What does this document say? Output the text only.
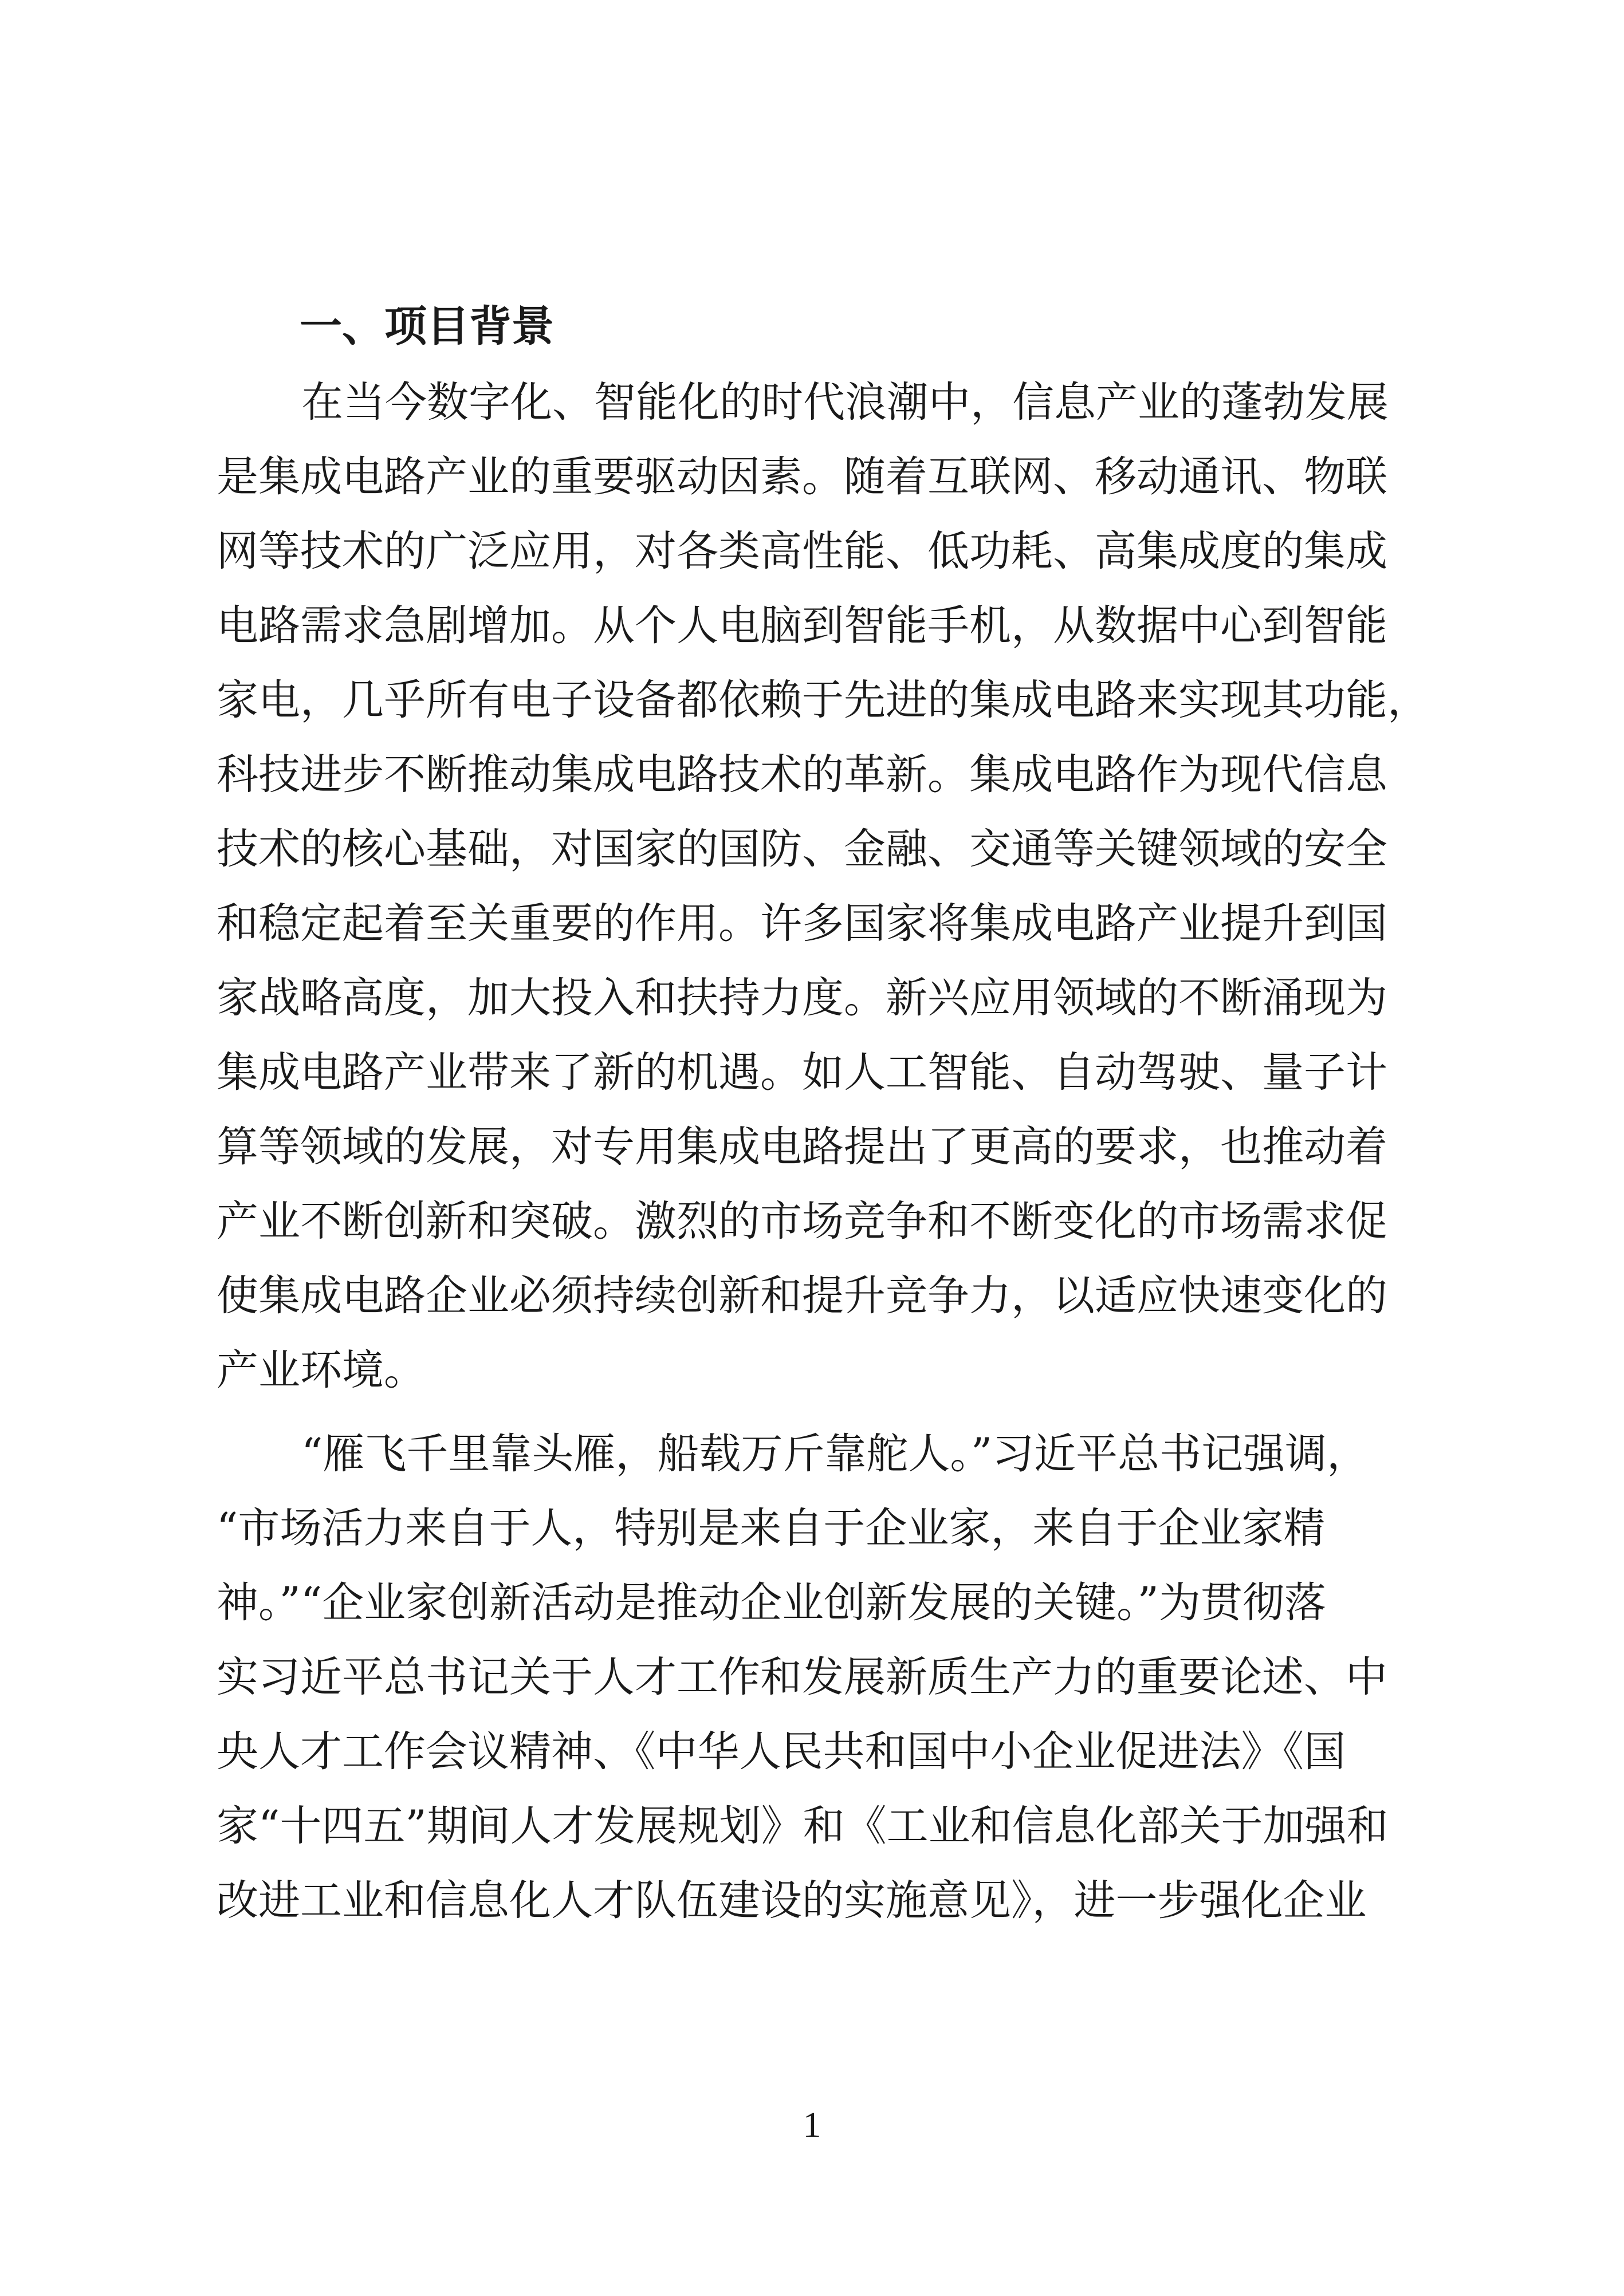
一、项目背景
在当今数字化、智能化的时代浪潮中，信息产业的蓬勃发展
是集成电路产业的重要驱动因素。随着互联网、移动通讯、物联
网等技术的广泛应用，对各类高性能、低功耗、高集成度的集成
电路需求急剧增加。从个人电脑到智能手机，从数据中心到智能
家电，几乎所有电子设备都依赖于先进的集成电路来实现其功能，
科技进步不断推动集成电路技术的革新。集成电路作为现代信息
技术的核心基础，对国家的国防、金融、交通等关键领域的安全
和稳定起着至关重要的作用。许多国家将集成电路产业提升到国
家战略高度，加大投入和扶持力度。新兴应用领域的不断涌现为
集成电路产业带来了新的机遇。如人工智能、自动驾驶、量子计
算等领域的发展，对专用集成电路提出了更高的要求，也推动着
产业不断创新和突破。激烈的市场竞争和不断变化的市场需求促
使集成电路企业必须持续创新和提升竞争力，以适应快速变化的
产业环境。
“雁飞千里靠头雁，船载万斤靠舵人。”习近平总书记强调，
“市场活力来自于人，特别是来自于企业家，来自于企业家精
神。”“企业家创新活动是推动企业创新发展的关键。”为贯彻落
实习近平总书记关于人才工作和发展新质生产力的重要论述、中
央人才工作会议精神、《中华人民共和国中小企业促进法》《国
家“十四五”期间人才发展规划》和《工业和信息化部关于加强和
改进工业和信息化人才队伍建设的实施意见》，进一步强化企业
1
